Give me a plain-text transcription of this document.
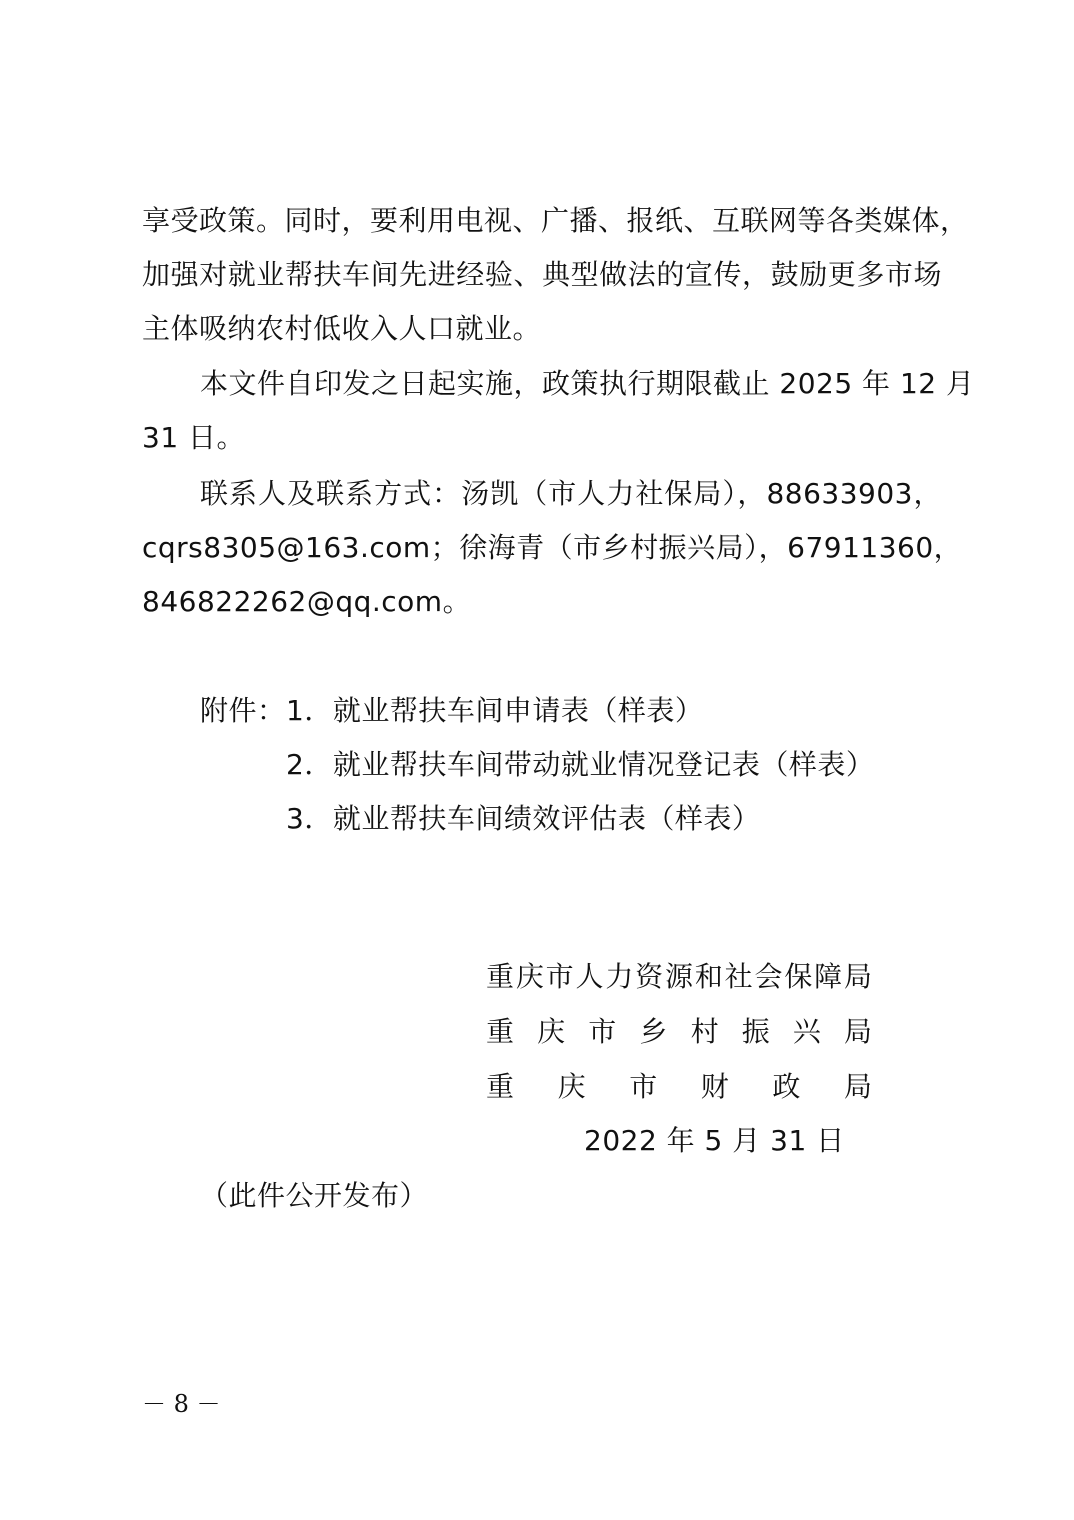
享受政策。同时，要利用电视、广播、报纸、互联网等各类媒体，
加强对就业帮扶车间先进经验、典型做法的宣传，鼓励更多市场
主体吸纳农村低收入人口就业。
本文件自印发之日起实施，政策执行期限截止 2025 年 12 月
31 日。
联系人及联系方式：汤凯（市人力社保局），88633903，
cqrs8305@163.com；徐海青（市乡村振兴局），67911360，
846822262@qq.com。
附件： 1．就业帮扶车间申请表（样表）
2．就业帮扶车间带动就业情况登记表（样表）
3．就业帮扶车间绩效评估表（样表）
重庆市人力资源和社会保障局
重庆市乡村振兴局
重庆市财政局
2022 年 5 月 31 日
（此件公开发布）
－ 8 －
